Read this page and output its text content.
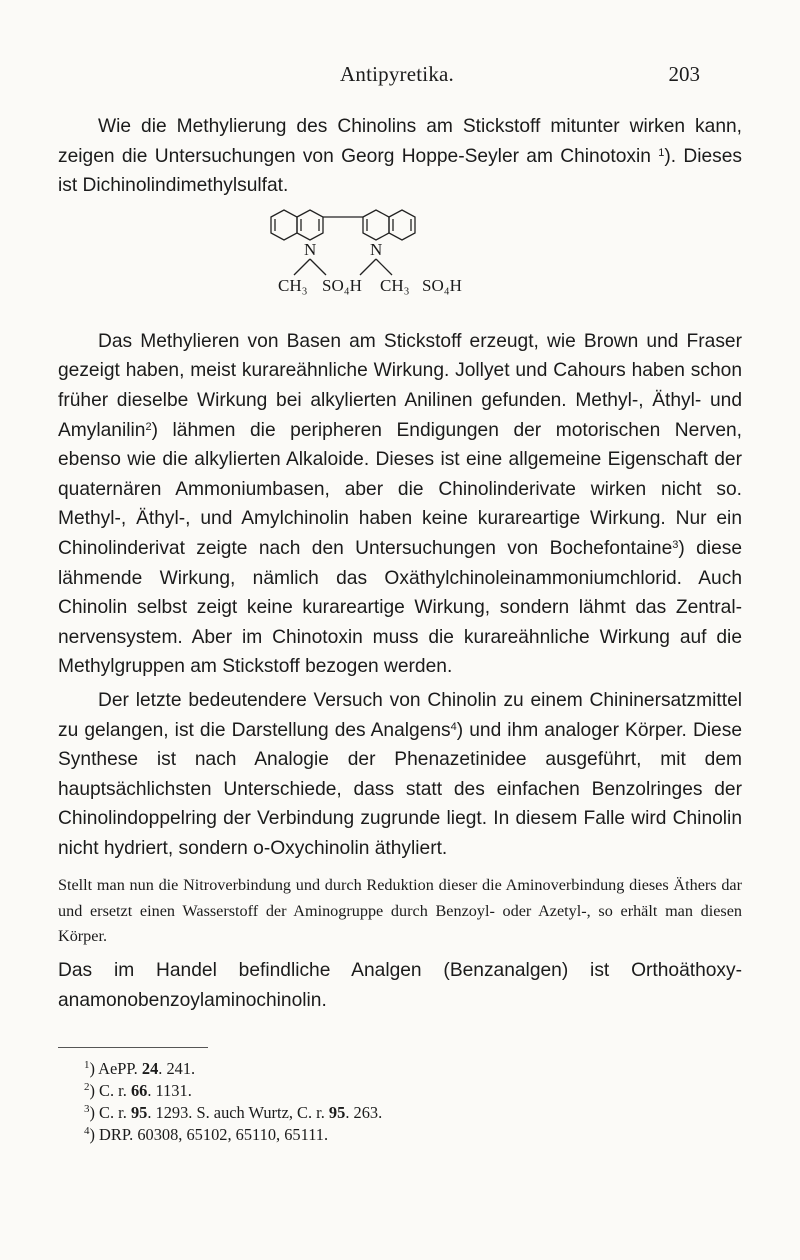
Antipyretika.	203

Wie die Methylierung des Chinolins am Stickstoff mitunter wirken kann, zeigen die Untersuchungen von Georg Hoppe-Seyler am Chinotoxin $^1$). Dieses ist Dichinolindimethylsulfat.

N	N
CH₃ SO₄H CH₃ SO₄H

Das Methylieren von Basen am Stickstoff erzeugt, wie Brown und Fraser gezeigt haben, meist kurareähnliche Wirkung. Jollyet und Cahours haben schon früher dieselbe Wirkung bei alkylierten Anilinen gefunden. Methyl-, Äthyl- und Amylanilin$^2$) lähmen die peripheren Endigungen der motorischen Nerven, ebenso wie die alkylierten Alkaloide. Dieses ist eine allgemeine Eigenschaft der quaternären Ammoniumbasen, aber die Chinolinderivate wirken nicht so. Methyl-, Äthyl-, und Amylchinolin haben keine kurareartige Wirkung. Nur ein Chinolinderivat zeigte nach den Untersuchungen von Bochefontaine$^3$) diese lähmende Wirkung, nämlich das Oxäthylchinoleinammoniumchlorid. Auch Chinolin selbst zeigt keine kurareartige Wirkung, sondern lähmt das Zentralnervensystem. Aber im Chinotoxin muss die kurareähnliche Wirkung auf die Methylgruppen am Stickstoff bezogen werden.

Der letzte bedeutendere Versuch von Chinolin zu einem Chininersatzmittel zu gelangen, ist die Darstellung des Analgens$^4$) und ihm analoger Körper. Diese Synthese ist nach Analogie der Phenazetinidee ausgeführt, mit dem hauptsächlichsten Unterschiede, dass statt des einfachen Benzolringes der Chinolindoppelring der Verbindung zugrunde liegt. In diesem Falle wird Chinolin nicht hydriert, sondern o-Oxychinolin äthyliert.

Stellt man nun die Nitroverbindung und durch Reduktion dieser die Aminoverbindung dieses Äthers dar und ersetzt einen Wasserstoff der Aminogruppe durch Benzoyl- oder Azetyl-, so erhält man diesen Körper.

Das im Handel befindliche Analgen (Benzanalgen) ist Orthoäthoxyanamonobenzoylaminochinolin.

$^1$) AePP. 24. 241.
$^2$) C. r. 66. 1131.
$^3$) C. r. 95. 1293. S. auch Wurtz, C. r. 95. 263.
$^4$) DRP. 60308, 65102, 65110, 65111.
